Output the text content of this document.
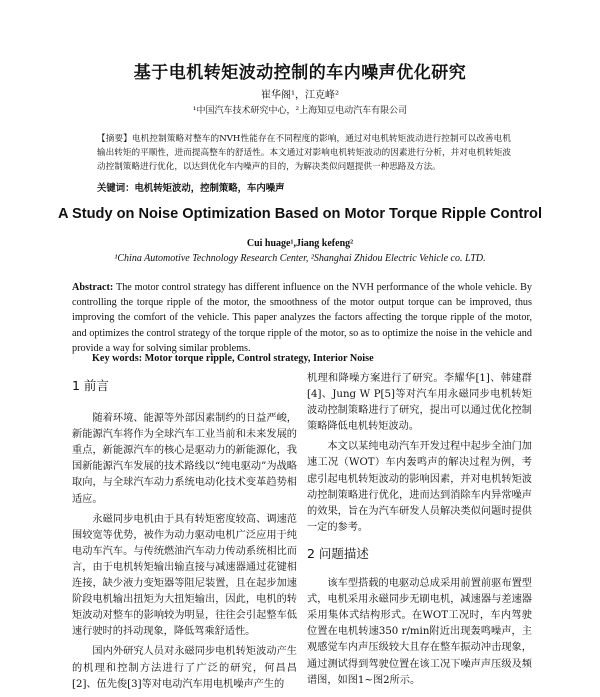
基于电机转矩波动控制的车内噪声优化研究
崔华阁¹，江克峰²
¹中国汽车技术研究中心，²上海知豆电动汽车有限公司
【摘要】电机控制策略对整车的NVH性能存在不同程度的影响，通过对电机转矩波动进行控制可以改善电机输出转矩的平顺性，进而提高整车的舒适性。本文通过对影响电机转矩波动的因素进行分析，并对电机转矩波动控制策略进行优化，以达到优化车内噪声的目的，为解决类似问题提供一种思路及方法。
关键词：电机转矩波动，控制策略，车内噪声
A Study on Noise Optimization Based on Motor Torque Ripple Control
Cui huage¹,Jiang kefeng²
¹China Automotive Technology Research Center, ²Shanghai Zhidou Electric Vehicle co. LTD.
Abstract: The motor control strategy has different influence on the NVH performance of the whole vehicle. By controlling the torque ripple of the motor, the smoothness of the motor output torque can be improved, thus improving the comfort of the vehicle. This paper analyzes the factors affecting the torque ripple of the motor, and optimizes the control strategy of the torque ripple of the motor, so as to optimize the noise in the vehicle and provide a way for solving similar problems.
Key words: Motor torque ripple, Control strategy, Interior Noise
1 前言

随着环境、能源等外部因素制约的日益严峻，新能源汽车将作为全球汽车工业当前和未来发展的重点，新能源汽车的核心是驱动力的新能源化，我国新能源汽车发展的技术路线以“纯电驱动”为战略取向，与全球汽车动力系统电动化技术变革趋势相适应。

永磁同步电机由于具有转矩密度较高、调速范围较宽等优势，被作为动力驱动电机广泛应用于纯电动车汽车。与传统燃油汽车动力传动系统相比而言，由于电机转矩输出输直接与减速器通过花键相连接，缺少液力变矩器等阻尼装置，且在起步加速阶段电机输出扭矩为大扭矩输出，因此，电机的转矩波动对整车的影响较为明显，往往会引起整车低速行驶时的抖动现象，降低驾乘舒适性。

国内外研究人员对永磁同步电机转矩波动产生的机理和控制方法进行了广泛的研究，何昌昌[2]、伍先俊[3]等对电动汽车用电机噪声产生的

机理和降噪方案进行了研究。李耀华[1]、韩建群[4]、Jung W P[5]等对汽车用永磁同步电机转矩波动控制策略进行了研究，提出可以通过优化控制策略降低电机转矩波动。

本文以某纯电动汽车开发过程中起步全油门加速工况（WOT）车内轰鸣声的解决过程为例，考虑引起电机转矩波动的影响因素，并对电机转矩波动控制策略进行优化，进而达到消除车内异常噪声的效果，旨在为汽车研发人员解决类似问题时提供一定的参考。

2 问题描述

该车型搭载的电驱动总成采用前置前驱布置型式，电机采用永磁同步无刷电机，减速器与差速器采用集体式结构形式。在WOT工况时，车内驾驶位置在电机转速350 r/min附近出现轰鸣噪声，主观感觉车内声压级较大且存在整车振动冲击现象，通过测试得到驾驶位置在该工况下噪声声压级及频谱图，如图1~图2所示。
